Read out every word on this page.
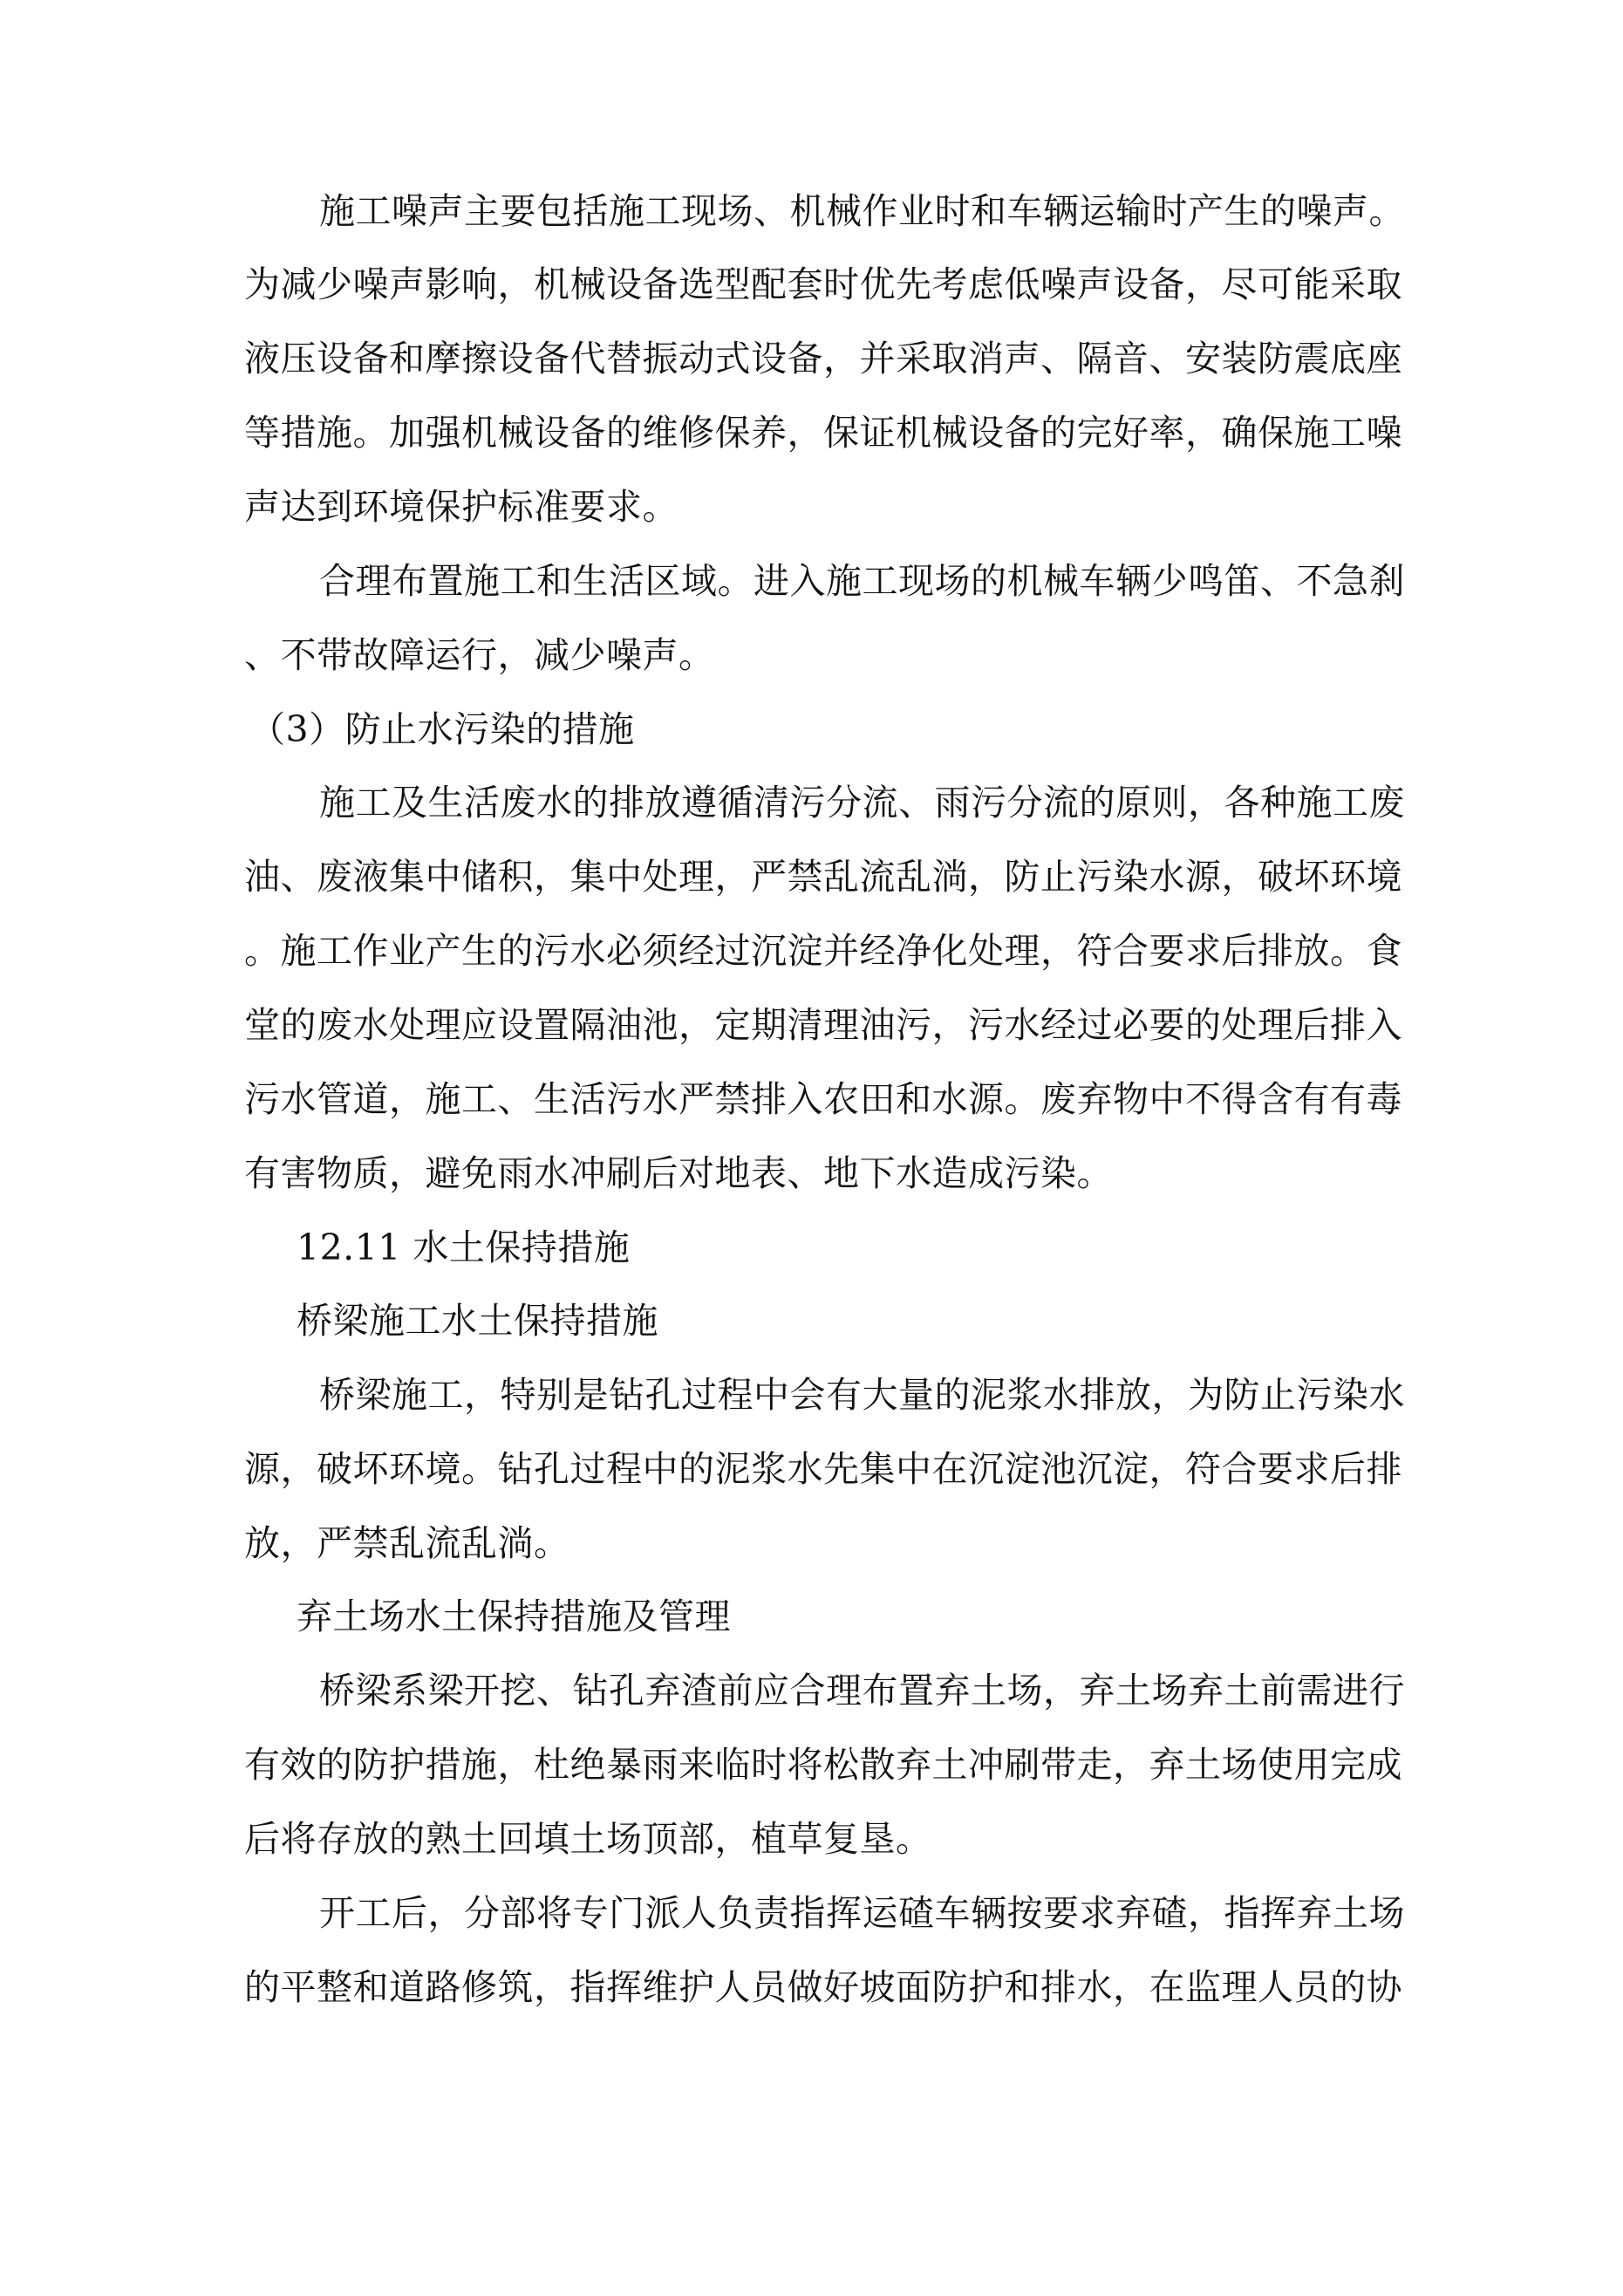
施工噪声主要包括施工现场、机械作业时和车辆运输时产生的噪声。
为减少噪声影响，机械设备选型配套时优先考虑低噪声设备，尽可能采取
液压设备和摩擦设备代替振动式设备，并采取消声、隔音、安装防震底座
等措施。加强机械设备的维修保养，保证机械设备的完好率，确保施工噪
声达到环境保护标准要求。
合理布置施工和生活区域。进入施工现场的机械车辆少鸣笛、不急刹
、不带故障运行，减少噪声。
（3）防止水污染的措施
施工及生活废水的排放遵循清污分流、雨污分流的原则，各种施工废
油、废液集中储积，集中处理，严禁乱流乱淌，防止污染水源，破坏环境
。施工作业产生的污水必须经过沉淀并经净化处理，符合要求后排放。食
堂的废水处理应设置隔油池，定期清理油污，污水经过必要的处理后排入
污水管道，施工、生活污水严禁排入农田和水源。废弃物中不得含有有毒
有害物质，避免雨水冲刷后对地表、地下水造成污染。
12.11 水土保持措施
桥梁施工水土保持措施
桥梁施工，特别是钻孔过程中会有大量的泥浆水排放，为防止污染水
源，破坏环境。钻孔过程中的泥浆水先集中在沉淀池沉淀，符合要求后排
放，严禁乱流乱淌。
弃土场水土保持措施及管理
桥梁系梁开挖、钻孔弃渣前应合理布置弃土场，弃土场弃土前需进行
有效的防护措施，杜绝暴雨来临时将松散弃土冲刷带走，弃土场使用完成
后将存放的熟土回填土场顶部，植草复垦。
开工后，分部将专门派人负责指挥运碴车辆按要求弃碴，指挥弃土场
的平整和道路修筑，指挥维护人员做好坡面防护和排水，在监理人员的协
